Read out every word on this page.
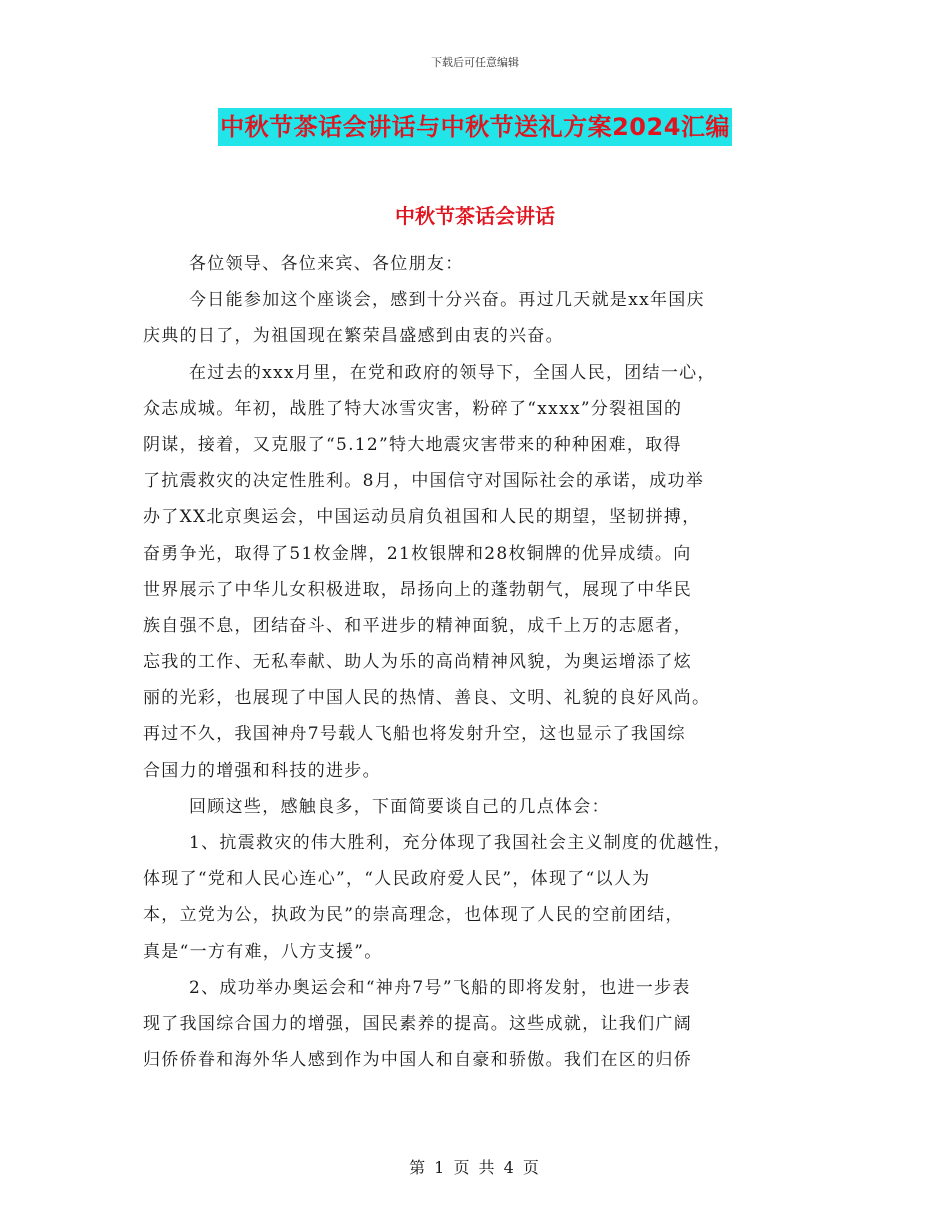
下载后可任意编辑
中秋节茶话会讲话与中秋节送礼方案2024汇编
中秋节茶话会讲话
各位领导、各位来宾、各位朋友：
今日能参加这个座谈会，感到十分兴奋。再过几天就是xx年国庆
庆典的日了，为祖国现在繁荣昌盛感到由衷的兴奋。
在过去的xxx月里，在党和政府的领导下，全国人民，团结一心，
众志成城。年初，战胜了特大冰雪灾害，粉碎了“xxxx”分裂祖国的
阴谋，接着，又克服了“5.12”特大地震灾害带来的种种困难，取得
了抗震救灾的决定性胜利。8月，中国信守对国际社会的承诺，成功举
办了XX北京奥运会，中国运动员肩负祖国和人民的期望，坚韧拼搏，
奋勇争光，取得了51枚金牌，21枚银牌和28枚铜牌的优异成绩。向
世界展示了中华儿女积极进取，昂扬向上的蓬勃朝气，展现了中华民
族自强不息，团结奋斗、和平进步的精神面貌，成千上万的志愿者，
忘我的工作、无私奉献、助人为乐的高尚精神风貌，为奥运增添了炫
丽的光彩，也展现了中国人民的热情、善良、文明、礼貌的良好风尚。
再过不久，我国神舟7号载人飞船也将发射升空，这也显示了我国综
合国力的增强和科技的进步。
回顾这些，感触良多，下面简要谈自己的几点体会：
1、抗震救灾的伟大胜利，充分体现了我国社会主义制度的优越性，
体现了“党和人民心连心”，“人民政府爱人民”，体现了“以人为
本，立党为公，执政为民”的崇高理念，也体现了人民的空前团结，
真是“一方有难，八方支援”。
2、成功举办奥运会和“神舟7号”飞船的即将发射，也进一步表
现了我国综合国力的增强，国民素养的提高。这些成就，让我们广阔
归侨侨眷和海外华人感到作为中国人和自豪和骄傲。我们在区的归侨
第 1 页 共 4 页
